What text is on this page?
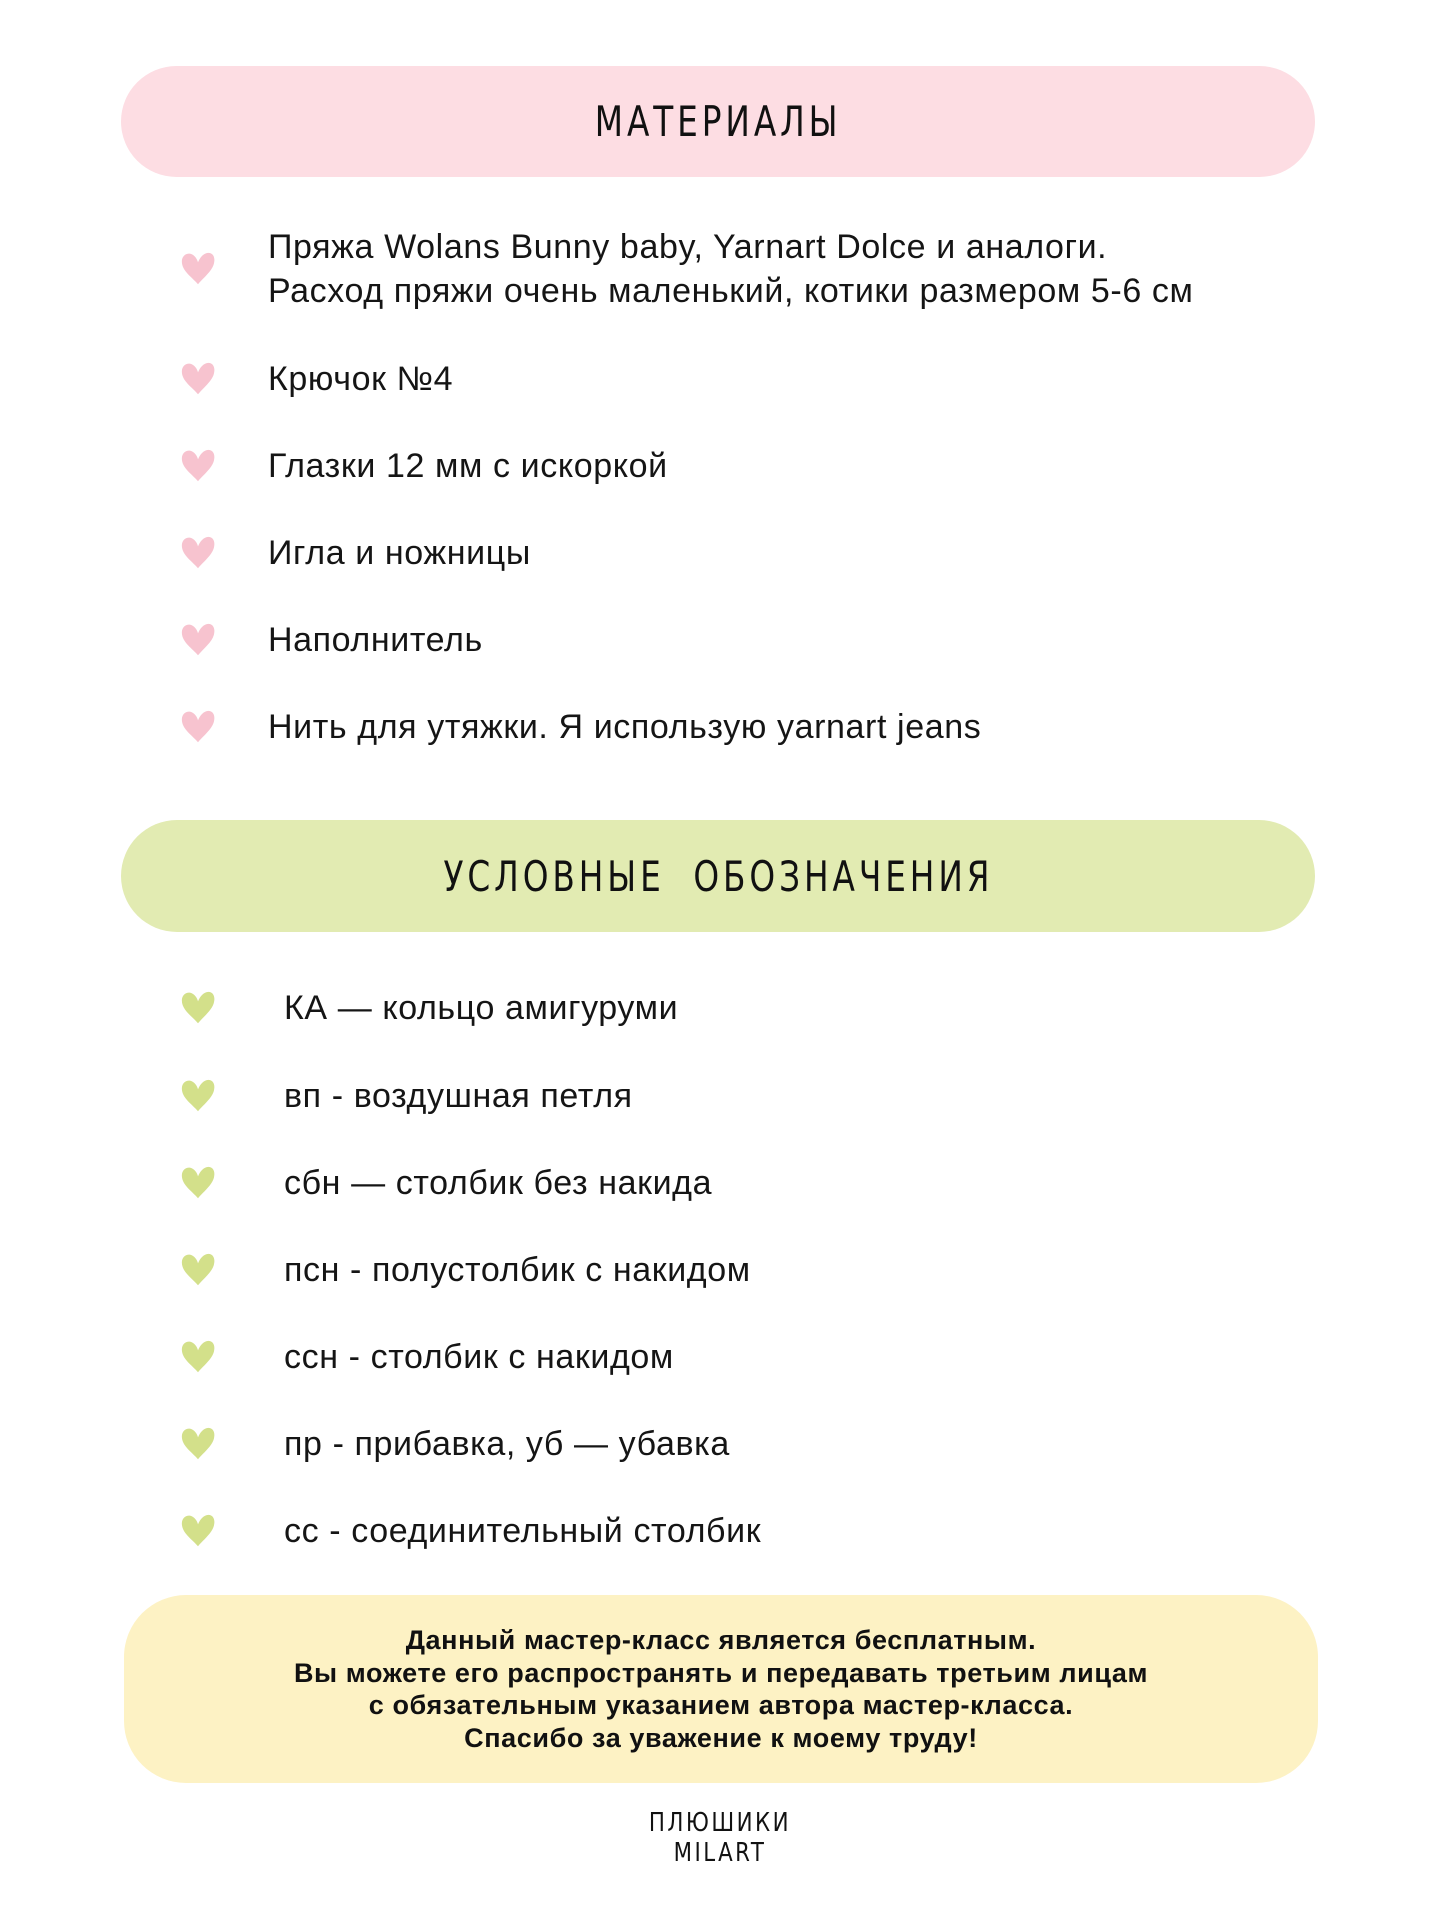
МАТЕРИАЛЫ
Пряжа Wolans Bunny baby, Yarnart Dolce и аналоги.
Расход пряжи очень маленький, котики размером 5-6 см
Крючок №4
Глазки 12 мм с искоркой
Игла и ножницы
Наполнитель
Нить для утяжки. Я использую yarnart jeans
УСЛОВНЫЕ  ОБОЗНАЧЕНИЯ
КА — кольцо амигуруми
вп - воздушная петля
сбн — столбик без накида
псн - полустолбик с накидом
ссн - столбик с накидом
пр - прибавка, уб — убавка
сс - соединительный столбик
Данный мастер-класс является бесплатным.
Вы можете его распространять и передавать третьим лицам
с обязательным указанием автора мастер-класса.
Спасибо за уважение к моему труду!
ПЛЮШИКИ
MILART
